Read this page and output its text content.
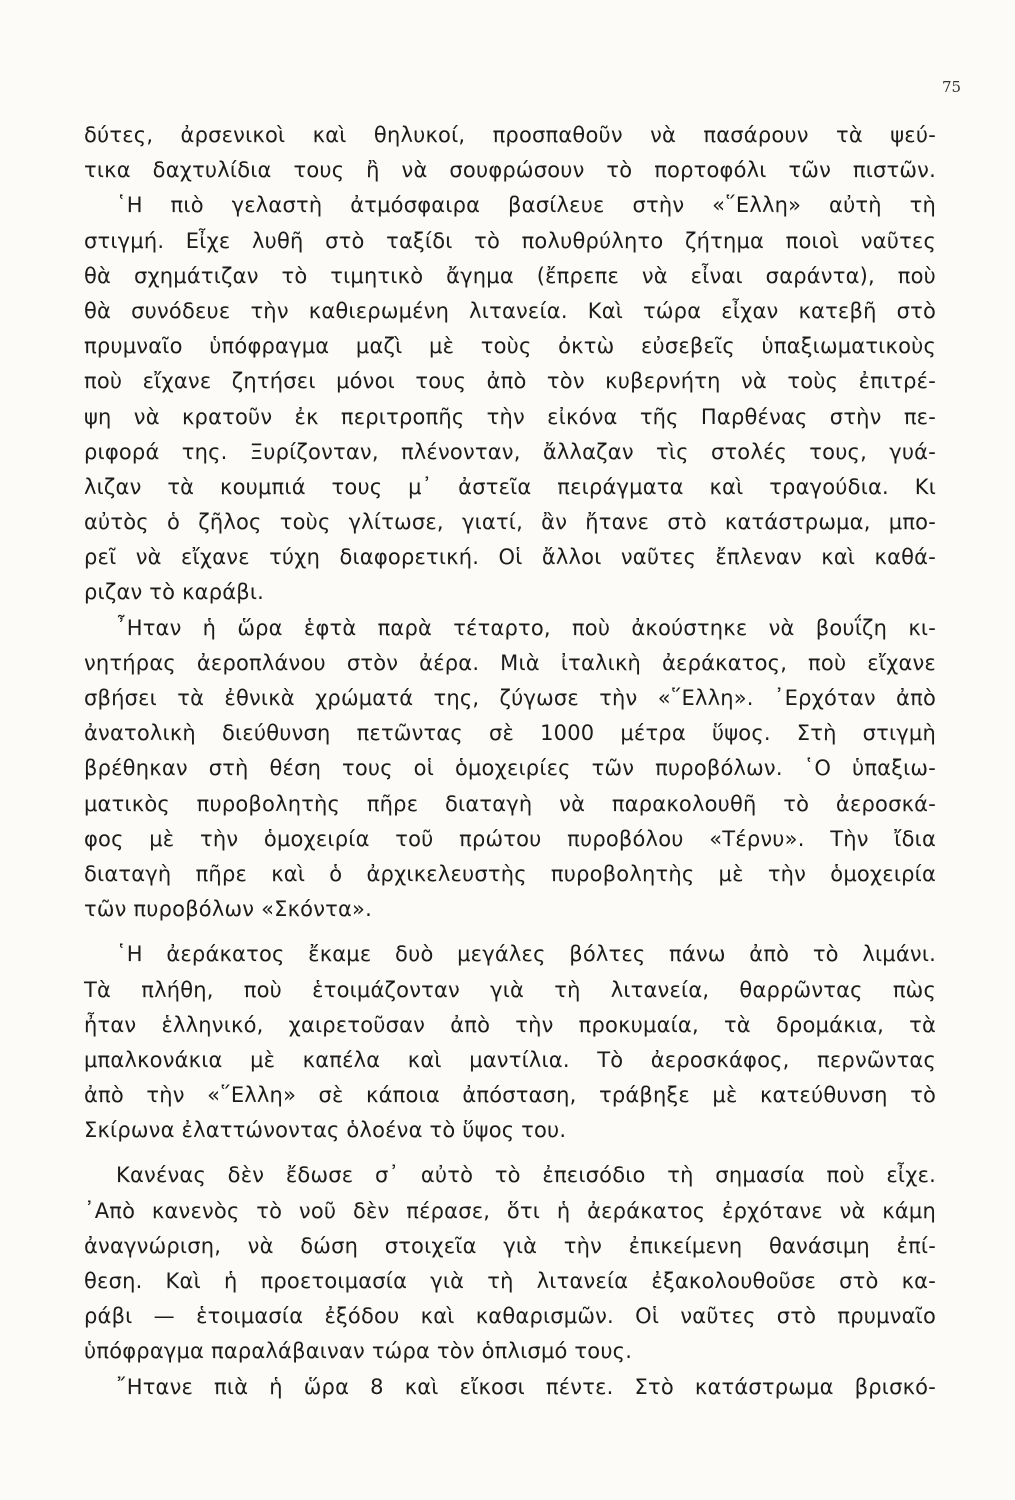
75
δύτες, ἀρσενικοὶ καὶ θηλυκοί, προσπαθοῦν νὰ πασάρουν τὰ ψεύ-
τικα δαχτυλίδια τους ἢ νὰ σουφρώσουν τὸ πορτοφόλι τῶν πιστῶν.
῾Η πιὸ γελαστὴ ἀτμόσφαιρα βασίλευε στὴν «῞Ελλη» αὐτὴ τὴ
στιγμή. Εἶχε λυθῆ στὸ ταξίδι τὸ πολυθρύλητο ζήτημα ποιοὶ ναῦτες
θὰ σχημάτιζαν τὸ τιμητικὸ ἄγημα (ἔπρεπε νὰ εἶναι σαράντα), ποὺ
θὰ συνόδευε τὴν καθιερωμένη λιτανεία. Καὶ τώρα εἶχαν κατεβῆ στὸ
πρυμναῖο ὑπόφραγμα μαζὶ μὲ τοὺς ὀκτὼ εὐσεβεῖς ὑπαξιωματικοὺς
ποὺ εἴχανε ζητήσει μόνοι τους ἀπὸ τὸν κυβερνήτη νὰ τοὺς ἐπιτρέ-
ψη νὰ κρατοῦν ἐκ περιτροπῆς τὴν εἰκόνα τῆς Παρθένας στὴν πε-
ριφορά της. Ξυρίζονταν, πλένονταν, ἄλλαζαν τὶς στολές τους, γυά-
λιζαν τὰ κουμπιά τους μ᾿ ἀστεῖα πειράγματα καὶ τραγούδια. Κι
αὐτὸς ὁ ζῆλος τοὺς γλίτωσε, γιατί, ἂν ἤτανε στὸ κατάστρωμα, μπο-
ρεῖ νὰ εἴχανε τύχη διαφορετική. Οἱ ἄλλοι ναῦτες ἔπλεναν καὶ καθά-
ριζαν τὸ καράβι.
῏Ηταν ἡ ὥρα ἑφτὰ παρὰ τέταρτο, ποὺ ἀκούστηκε νὰ βουΐζη κι-
νητήρας ἀεροπλάνου στὸν ἀέρα. Μιὰ ἰταλικὴ ἀεράκατος, ποὺ εἴχανε
σβήσει τὰ ἐθνικὰ χρώματά της, ζύγωσε τὴν «῞Ελλη». ᾿Ερχόταν ἀπὸ
ἀνατολικὴ διεύθυνση πετῶντας σὲ 1000 μέτρα ὕψος. Στὴ στιγμὴ
βρέθηκαν στὴ θέση τους οἱ ὁμοχειρίες τῶν πυροβόλων. ῾Ο ὑπαξιω-
ματικὸς πυροβολητὴς πῆρε διαταγὴ νὰ παρακολουθῆ τὸ ἀεροσκά-
φος μὲ τὴν ὁμοχειρία τοῦ πρώτου πυροβόλου «Τέρνυ». Τὴν ἴδια
διαταγὴ πῆρε καὶ ὁ ἀρχικελευστὴς πυροβολητὴς μὲ τὴν ὁμοχειρία
τῶν πυροβόλων «Σκόντα».
῾Η ἀεράκατος ἔκαμε δυὸ μεγάλες βόλτες πάνω ἀπὸ τὸ λιμάνι.
Τὰ πλήθη, ποὺ ἑτοιμάζονταν γιὰ τὴ λιτανεία, θαρρῶντας πὼς
ἦταν ἑλληνικό, χαιρετοῦσαν ἀπὸ τὴν προκυμαία, τὰ δρομάκια, τὰ
μπαλκονάκια μὲ καπέλα καὶ μαντίλια. Τὸ ἀεροσκάφος, περνῶντας
ἀπὸ τὴν «῞Ελλη» σὲ κάποια ἀπόσταση, τράβηξε μὲ κατεύθυνση τὸ
Σκίρωνα ἐλαττώνοντας ὁλοένα τὸ ὕψος του.
Κανένας δὲν ἔδωσε σ᾿ αὐτὸ τὸ ἐπεισόδιο τὴ σημασία ποὺ εἶχε.
᾿Απὸ κανενὸς τὸ νοῦ δὲν πέρασε, ὅτι ἡ ἀεράκατος ἐρχότανε νὰ κάμη
ἀναγνώριση, νὰ δώση στοιχεῖα γιὰ τὴν ἐπικείμενη θανάσιμη ἐπί-
θεση. Καὶ ἡ προετοιμασία γιὰ τὴ λιτανεία ἐξακολουθοῦσε στὸ κα-
ράβι — ἑτοιμασία ἐξόδου καὶ καθαρισμῶν. Οἱ ναῦτες στὸ πρυμναῖο
ὑπόφραγμα παραλάβαιναν τώρα τὸν ὁπλισμό τους.
῎Ητανε πιὰ ἡ ὥρα 8 καὶ εἴκοσι πέντε. Στὸ κατάστρωμα βρισκό-
